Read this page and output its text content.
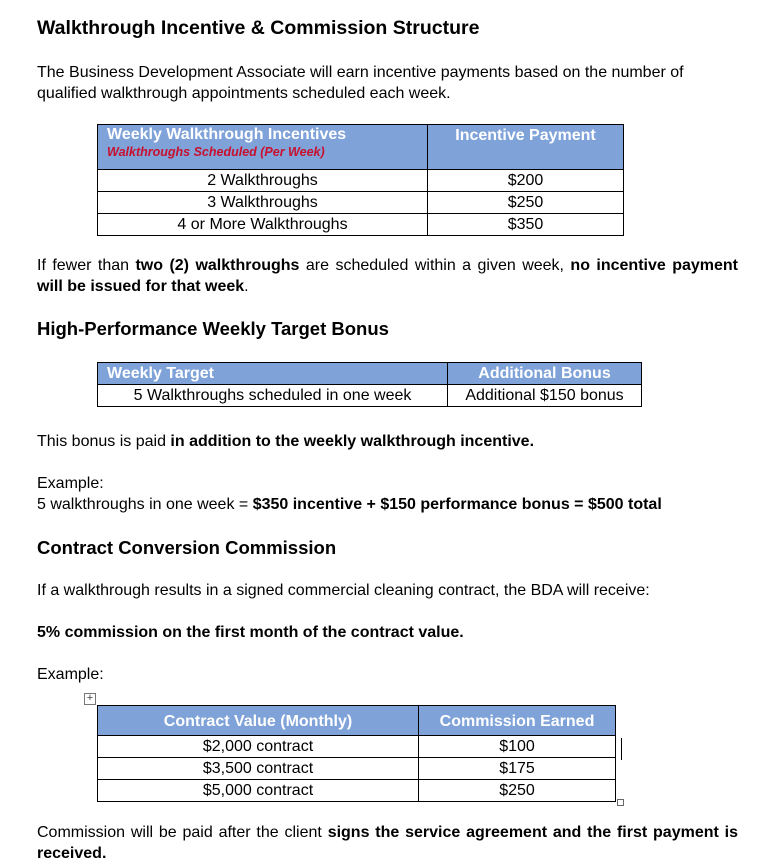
Walkthrough Incentive & Commission Structure
The Business Development Associate will earn incentive payments based on the number of qualified walkthrough appointments scheduled each week.
Weekly Walkthrough Incentives
Walkthroughs Scheduled (Per Week)	Incentive Payment
2 Walkthroughs	$200
3 Walkthroughs	$250
4 or More Walkthroughs	$350
If fewer than two (2) walkthroughs are scheduled within a given week, no incentive payment will be issued for that week.
High-Performance Weekly Target Bonus
Weekly Target	Additional Bonus
5 Walkthroughs scheduled in one week	Additional $150 bonus
This bonus is paid in addition to the weekly walkthrough incentive.
Example:
5 walkthroughs in one week = $350 incentive + $150 performance bonus = $500 total
Contract Conversion Commission
If a walkthrough results in a signed commercial cleaning contract, the BDA will receive:
5% commission on the first month of the contract value.
Example:
+
Contract Value (Monthly)	Commission Earned
$2,000 contract	$100
$3,500 contract	$175
$5,000 contract	$250
Commission will be paid after the client signs the service agreement and the first payment is received.
